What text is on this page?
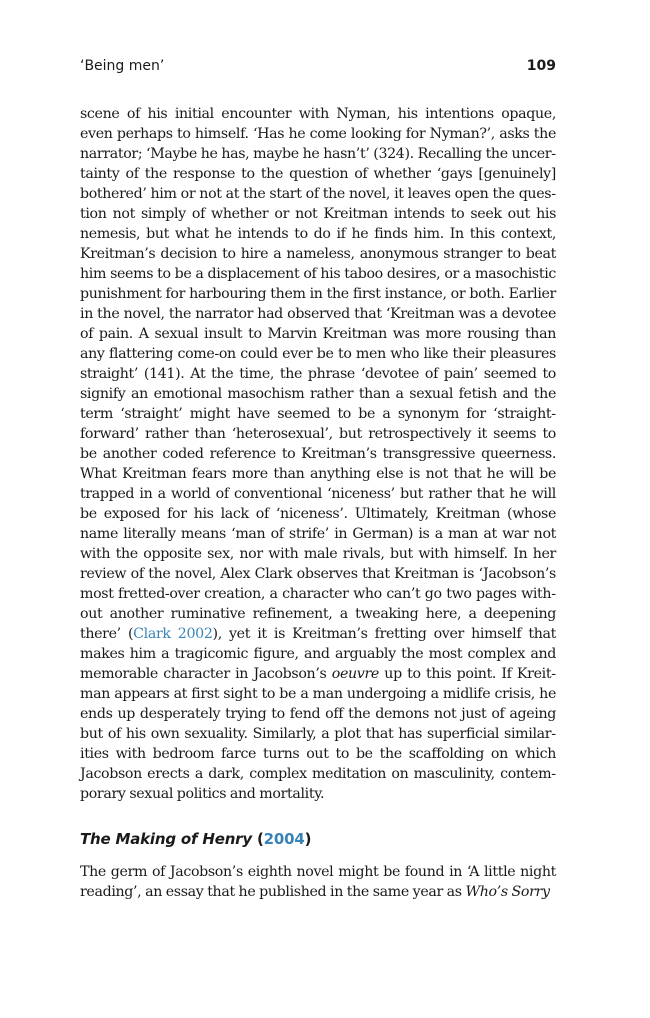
‘Being men’	109

scene of his initial encounter with Nyman, his intentions opaque, even perhaps to himself. ‘Has he come looking for Nyman?’, asks the narrator; ‘Maybe he has, maybe he hasn’t’ (324). Recalling the uncertainty of the response to the question of whether ‘gays [genuinely] bothered’ him or not at the start of the novel, it leaves open the question not simply of whether or not Kreitman intends to seek out his nemesis, but what he intends to do if he finds him. In this context, Kreitman’s decision to hire a nameless, anonymous stranger to beat him seems to be a displacement of his taboo desires, or a masochistic punishment for harbouring them in the first instance, or both. Earlier in the novel, the narrator had observed that ‘Kreitman was a devotee of pain. A sexual insult to Marvin Kreitman was more rousing than any flattering come-on could ever be to men who like their pleasures straight’ (141). At the time, the phrase ‘devotee of pain’ seemed to signify an emotional masochism rather than a sexual fetish and the term ‘straight’ might have seemed to be a synonym for ‘straightforward’ rather than ‘heterosexual’, but retrospectively it seems to be another coded reference to Kreitman’s transgressive queerness. What Kreitman fears more than anything else is not that he will be trapped in a world of conventional ‘niceness’ but rather that he will be exposed for his lack of ‘niceness’. Ultimately, Kreitman (whose name literally means ‘man of strife’ in German) is a man at war not with the opposite sex, nor with male rivals, but with himself. In her review of the novel, Alex Clark observes that Kreitman is ‘Jacobson’s most fretted-over creation, a character who can’t go two pages without another ruminative refinement, a tweaking here, a deepening there’ (Clark 2002), yet it is Kreitman’s fretting over himself that makes him a tragicomic figure, and arguably the most complex and memorable character in Jacobson’s oeuvre up to this point. If Kreitman appears at first sight to be a man undergoing a midlife crisis, he ends up desperately trying to fend off the demons not just of ageing but of his own sexuality. Similarly, a plot that has superficial similarities with bedroom farce turns out to be the scaffolding on which Jacobson erects a dark, complex meditation on masculinity, contemporary sexual politics and mortality.

The Making of Henry (2004)

The germ of Jacobson’s eighth novel might be found in ‘A little night reading’, an essay that he published in the same year as Who’s Sorry
